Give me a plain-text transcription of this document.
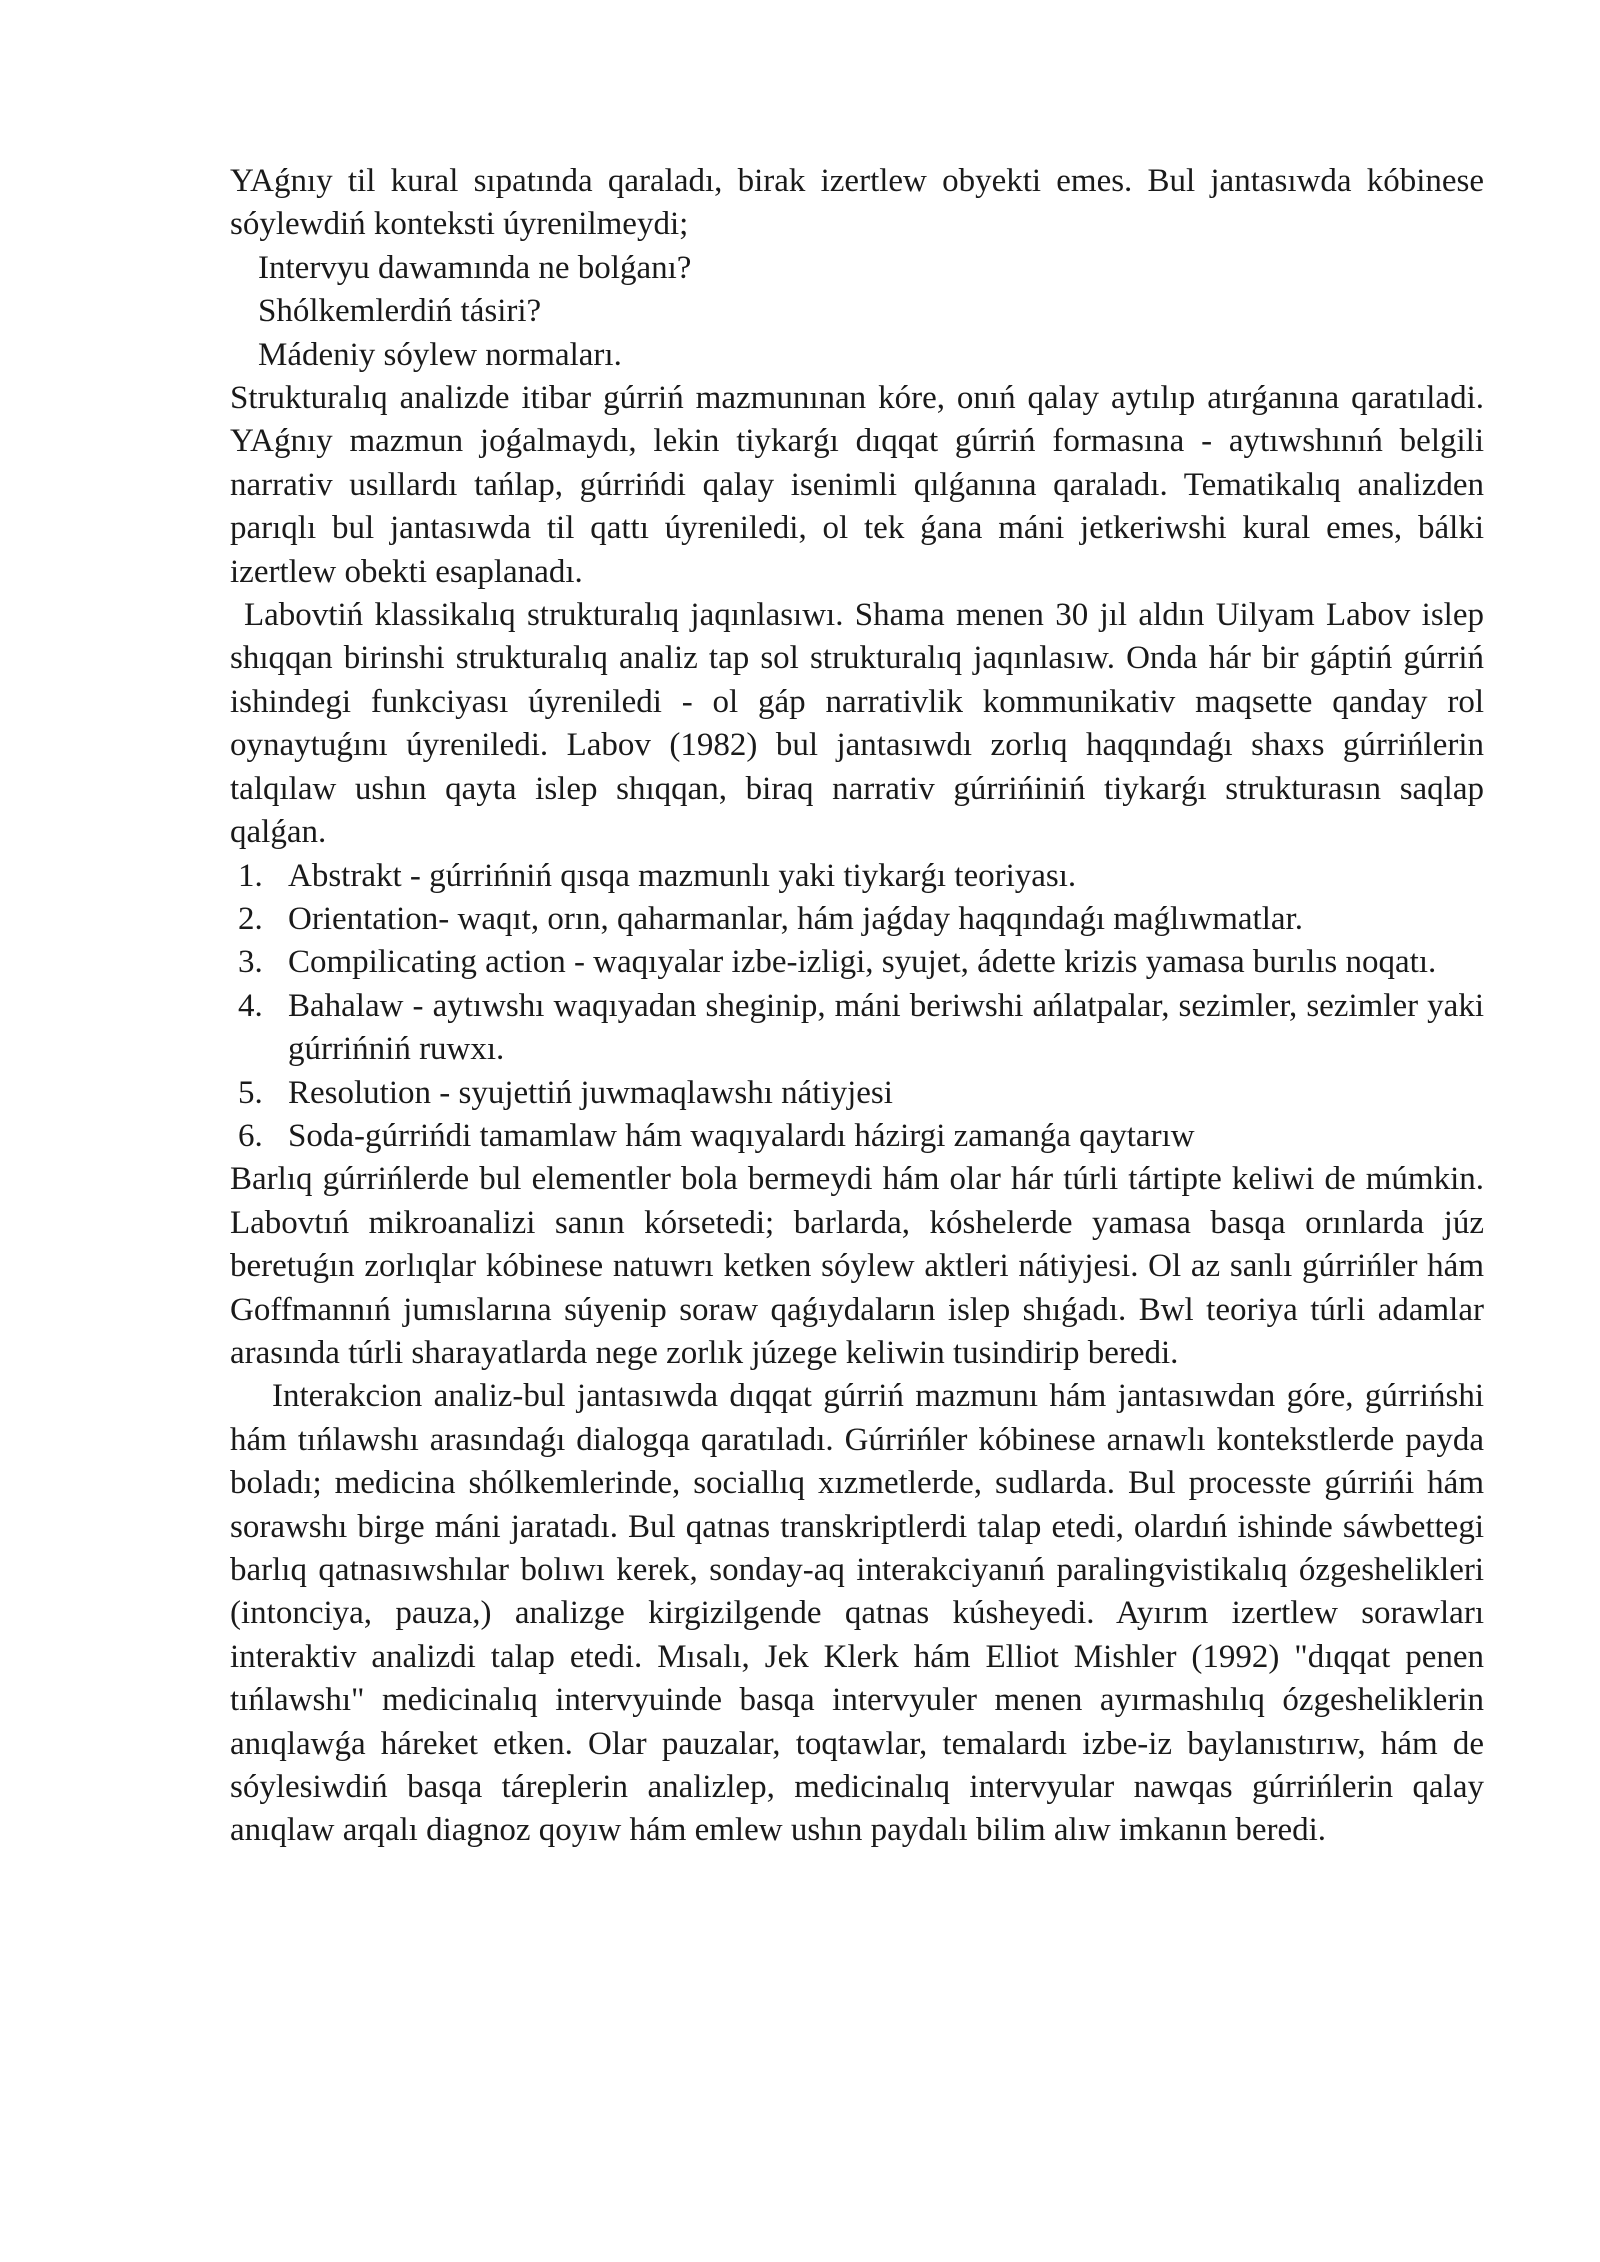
YAǵnıy til kural sıpatında qaraladı, birak izertlew obyekti emes. Bul jantasıwda kóbinese sóylewdiń konteksti úyrenilmeydi;

Intervyu dawamında ne bolǵanı?

Shólkemlerdiń tásiri?

Mádeniy sóylew normaları.

Strukturalıq analizde itibar gúrriń mazmunınan kóre, onıń qalay aytılıp atırǵanına qaratıladi. YAǵnıy mazmun joǵalmaydı, lekin tiykarǵı dıqqat gúrriń formasına - aytıwshınıń belgili narrativ usıllardı tańlap, gúrrińdi qalay isenimli qılǵanına qaraladı. Tematikalıq analizden parıqlı bul jantasıwda til qattı úyreniledi, ol tek ǵana máni jetkeriwshi kural emes, bálki izertlew obekti esaplanadı.

Labovtiń klassikalıq strukturalıq jaqınlasıwı. Shama menen 30 jıl aldın Uilyam Labov islep shıqqan birinshi strukturalıq analiz tap sol strukturalıq jaqınlasıw. Onda hár bir gáptiń gúrriń ishindegi funkciyası úyreniledi - ol gáp narrativlik kommunikativ maqsette qanday rol oynaytuǵını úyreniledi. Labov (1982) bul jantasıwdı zorlıq haqqındaǵı shaxs gúrrińlerin talqılaw ushın qayta islep shıqqan, biraq narrativ gúrrińiniń tiykarǵı strukturasın saqlap qalǵan.

1. Abstrakt - gúrrińniń qısqa mazmunlı yaki tiykarǵı teoriyası.
2. Orientation- waqıt, orın, qaharmanlar, hám jaǵday haqqındaǵı maǵlıwmatlar.
3. Compilicating action - waqıyalar izbe-izligi, syujet, ádette krizis yamasa burılıs noqatı.
4. Bahalaw - aytıwshı waqıyadan sheginip, máni beriwshi ańlatpalar, sezimler, sezimler yaki gúrrińniń ruwxı.
5. Resolution - syujettiń juwmaqlawshı nátiyjesi
6. Soda-gúrrińdi tamamlaw hám waqıyalardı házirgi zamanǵa qaytarıw

Barlıq gúrrińlerde bul elementler bola bermeydi hám olar hár túrli tártipte keliwi de múmkin. Labovtıń mikroanalizi sanın kórsetedi; barlarda, kóshelerde yamasa basqa orınlarda júz beretuǵın zorlıqlar kóbinese natuwrı ketken sóylew aktleri nátiyjesi. Ol az sanlı gúrrińler hám Goffmannıń jumıslarına súyenip soraw qaǵıydaların islep shıǵadı. Bwl teoriya túrli adamlar arasında túrli sharayatlarda nege zorlık júzege keliwin tusindirip beredi.

Interakcion analiz-bul jantasıwda dıqqat gúrriń mazmunı hám jantasıwdan góre, gúrrińshi hám tıńlawshı arasındaǵı dialogqa qaratıladı. Gúrrińler kóbinese arnawlı kontekstlerde payda boladı; medicina shólkemlerinde, sociallıq xızmetlerde, sudlarda. Bul processte gúrrińi hám sorawshı birge máni jaratadı. Bul qatnas transkriptlerdi talap etedi, olardıń ishinde sáwbettegi barlıq qatnasıwshılar bolıwı kerek, sonday-aq interakciyanıń paralingvistikalıq ózgeshelikleri (intonciya, pauza,) analizge kirgizilgende qatnas kúsheyedi. Ayırım izertlew sorawları interaktiv analizdi talap etedi. Mısalı, Jek Klerk hám Elliot Mishler (1992) "dıqqat penen tıńlawshı" medicinalıq intervyuinde basqa intervyuler menen ayırmashılıq ózgesheliklerin anıqlawǵa háreket etken. Olar pauzalar, toqtawlar, temalardı izbe-iz baylanıstırıw, hám de sóylesiwdiń basqa táreplerin analizlep, medicinalıq intervyular nawqas gúrrińlerin qalay anıqlaw arqalı diagnoz qoyıw hám emlew ushın paydalı bilim alıw imkanın beredi.
